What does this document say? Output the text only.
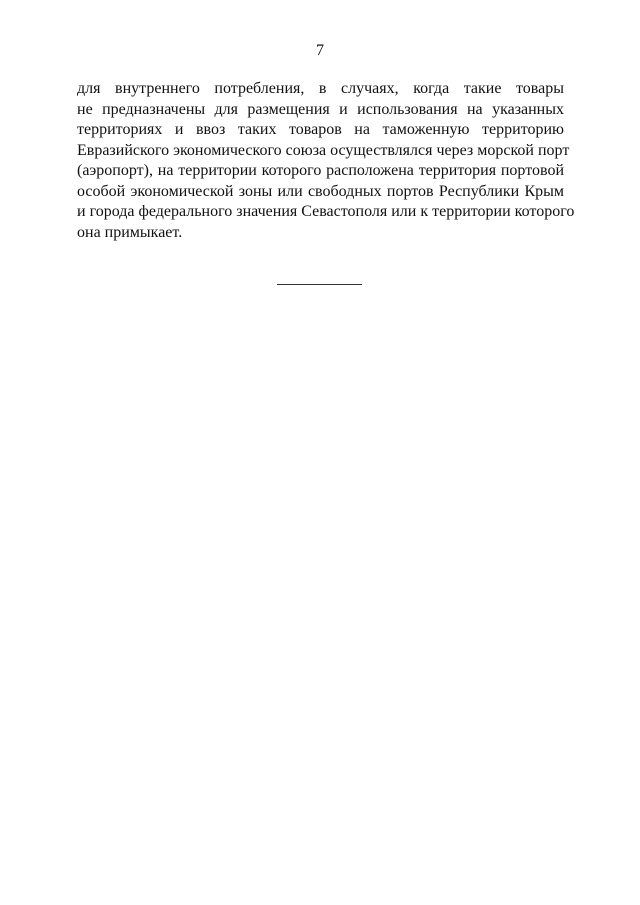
7
для внутреннего потребления, в случаях, когда такие товары
не предназначены для размещения и использования на указанных
территориях и ввоз таких товаров на таможенную территорию
Евразийского экономического союза осуществлялся через морской порт
(аэропорт), на территории которого расположена территория портовой
особой экономической зоны или свободных портов Республики Крым
и города федерального значения Севастополя или к территории которого
она примыкает.
